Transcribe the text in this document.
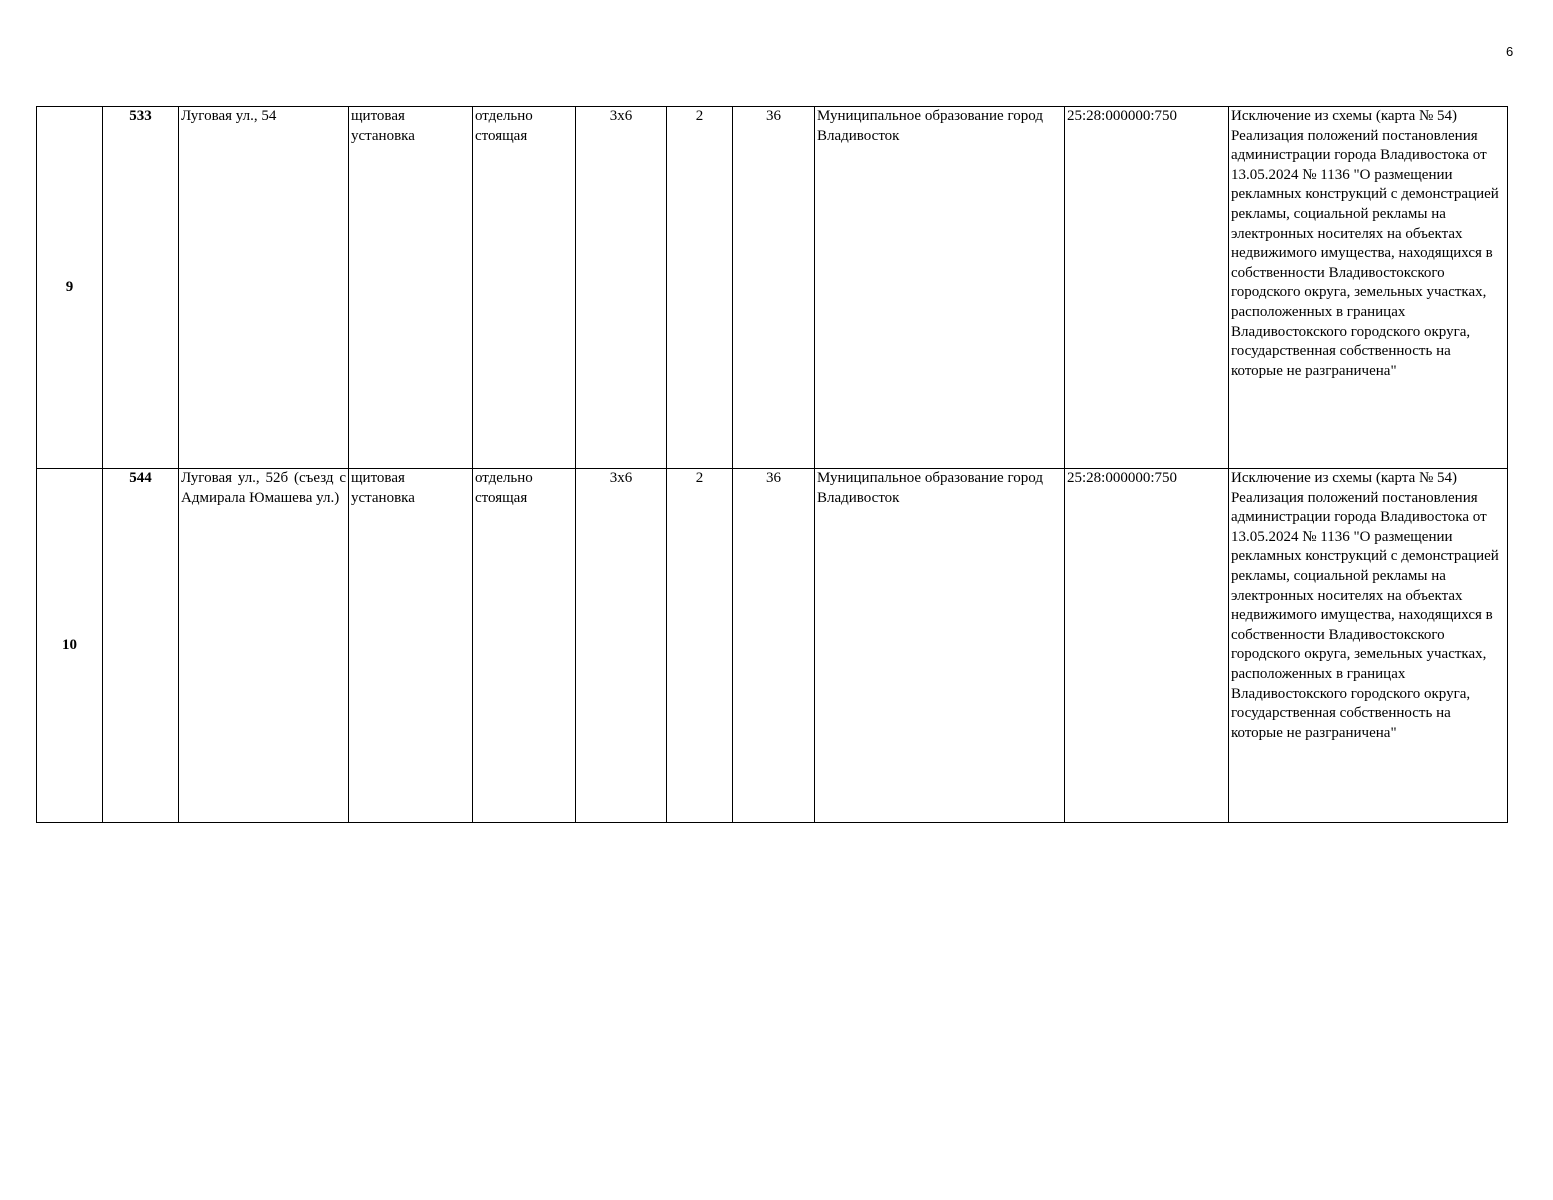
6
9	533	Луговая ул., 54	щитовая установка	отдельно стоящая	3х6	2	36	Муниципальное образование город Владивосток	25:28:000000:750	Исключение из схемы (карта № 54) Реализация положений постановления администрации города Владивостока от 13.05.2024 № 1136 "О размещении рекламных конструкций с демонстрацией рекламы, социальной рекламы на электронных носителях на объектах недвижимого имущества, находящихся в собственности Владивостокского городского округа, земельных участках, расположенных в границах Владивостокского городского округа, государственная собственность на которые не разграничена"
10	544	Луговая ул., 52б (съезд с Адмирала Юмашева ул.)	щитовая установка	отдельно стоящая	3х6	2	36	Муниципальное образование город Владивосток	25:28:000000:750	Исключение из схемы (карта № 54) Реализация положений постановления администрации города Владивостока от 13.05.2024 № 1136 "О размещении рекламных конструкций с демонстрацией рекламы, социальной рекламы на электронных носителях на объектах недвижимого имущества, находящихся в собственности Владивостокского городского округа, земельных участках, расположенных в границах Владивостокского городского округа, государственная собственность на которые не разграничена"
